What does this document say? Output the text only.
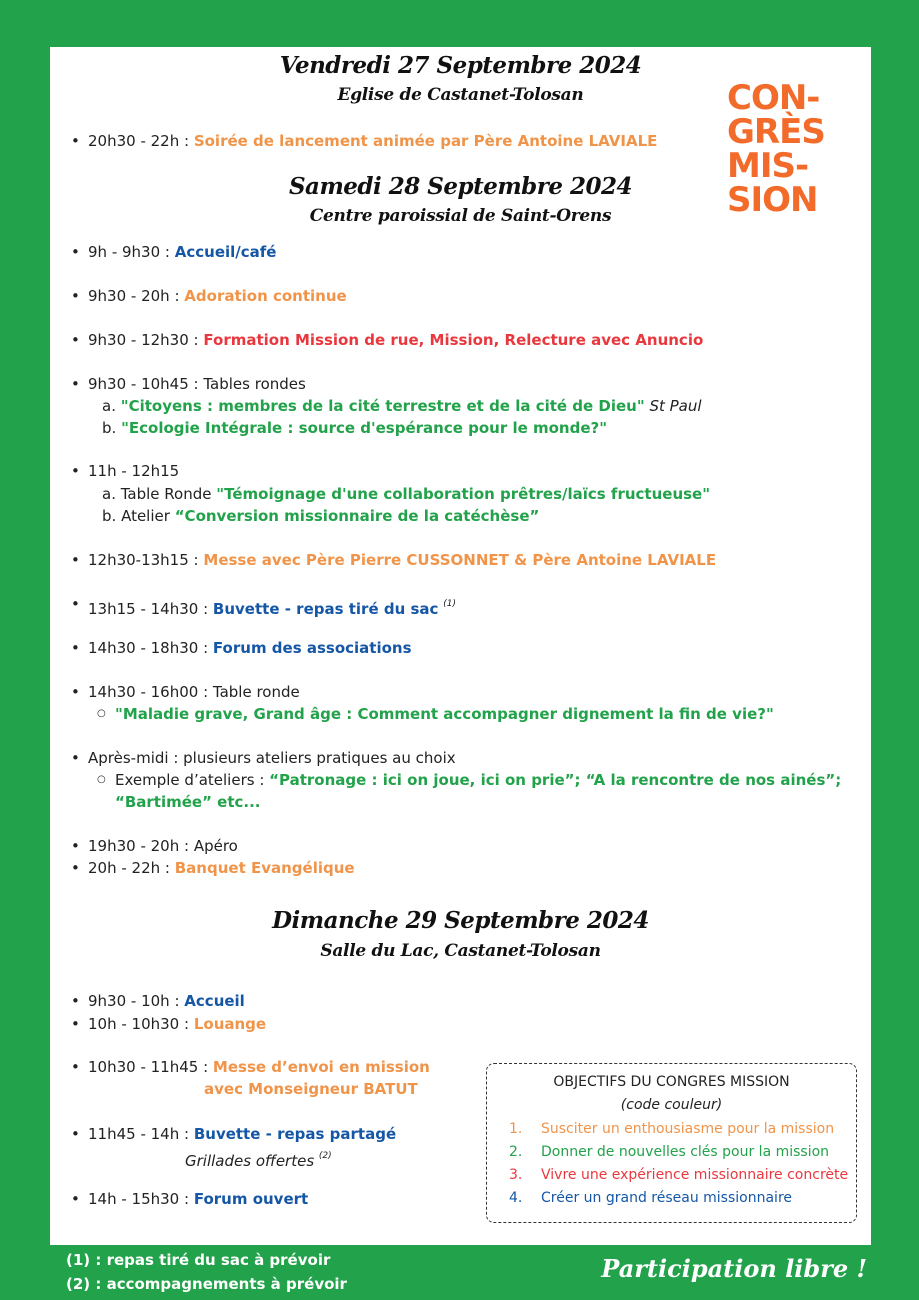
CON-
GRÈS
MIS-
SION
Vendredi 27 Septembre 2024
Eglise de Castanet-Tolosan
• 20h30 - 22h : Soirée de lancement animée par Père Antoine LAVIALE
Samedi 28 Septembre 2024
Centre paroissial de Saint-Orens
• 9h - 9h30 : Accueil/café
• 9h30 - 20h : Adoration continue
• 9h30 - 12h30 : Formation Mission de rue, Mission, Relecture avec Anuncio
• 9h30 - 10h45 : Tables rondes
a. "Citoyens : membres de la cité terrestre et de la cité de Dieu" St Paul
b. "Ecologie Intégrale : source d'espérance pour le monde?"
• 11h - 12h15
a. Table Ronde "Témoignage d'une collaboration prêtres/laïcs fructueuse"
b. Atelier “Conversion missionnaire de la catéchèse”
• 12h30-13h15 : Messe avec Père Pierre CUSSONNET & Père Antoine LAVIALE
• 13h15 - 14h30 : Buvette - repas tiré du sac $^{(1)}$
• 14h30 - 18h30 : Forum des associations
• 14h30 - 16h00 : Table ronde
○ "Maladie grave, Grand âge : Comment accompagner dignement la fin de vie?"
• Après-midi : plusieurs ateliers pratiques au choix
○ Exemple d’ateliers : “Patronage : ici on joue, ici on prie”; “A la rencontre de nos ainés”;
“Bartimée” etc...
• 19h30 - 20h : Apéro
• 20h - 22h : Banquet Evangélique
Dimanche 29 Septembre 2024
Salle du Lac, Castanet-Tolosan
• 9h30 - 10h : Accueil
• 10h - 10h30 : Louange
• 10h30 - 11h45 : Messe d’envoi en mission
avec Monseigneur BATUT
• 11h45 - 14h : Buvette - repas partagé
Grillades offertes $^{(2)}$
• 14h - 15h30 : Forum ouvert
OBJECTIFS DU CONGRES MISSION
(code couleur)
1. Susciter un enthousiasme pour la mission
2. Donner de nouvelles clés pour la mission
3. Vivre une expérience missionnaire concrète
4. Créer un grand réseau missionnaire
(1) : repas tiré du sac à prévoir
(2) : accompagnements à prévoir
Participation libre !
